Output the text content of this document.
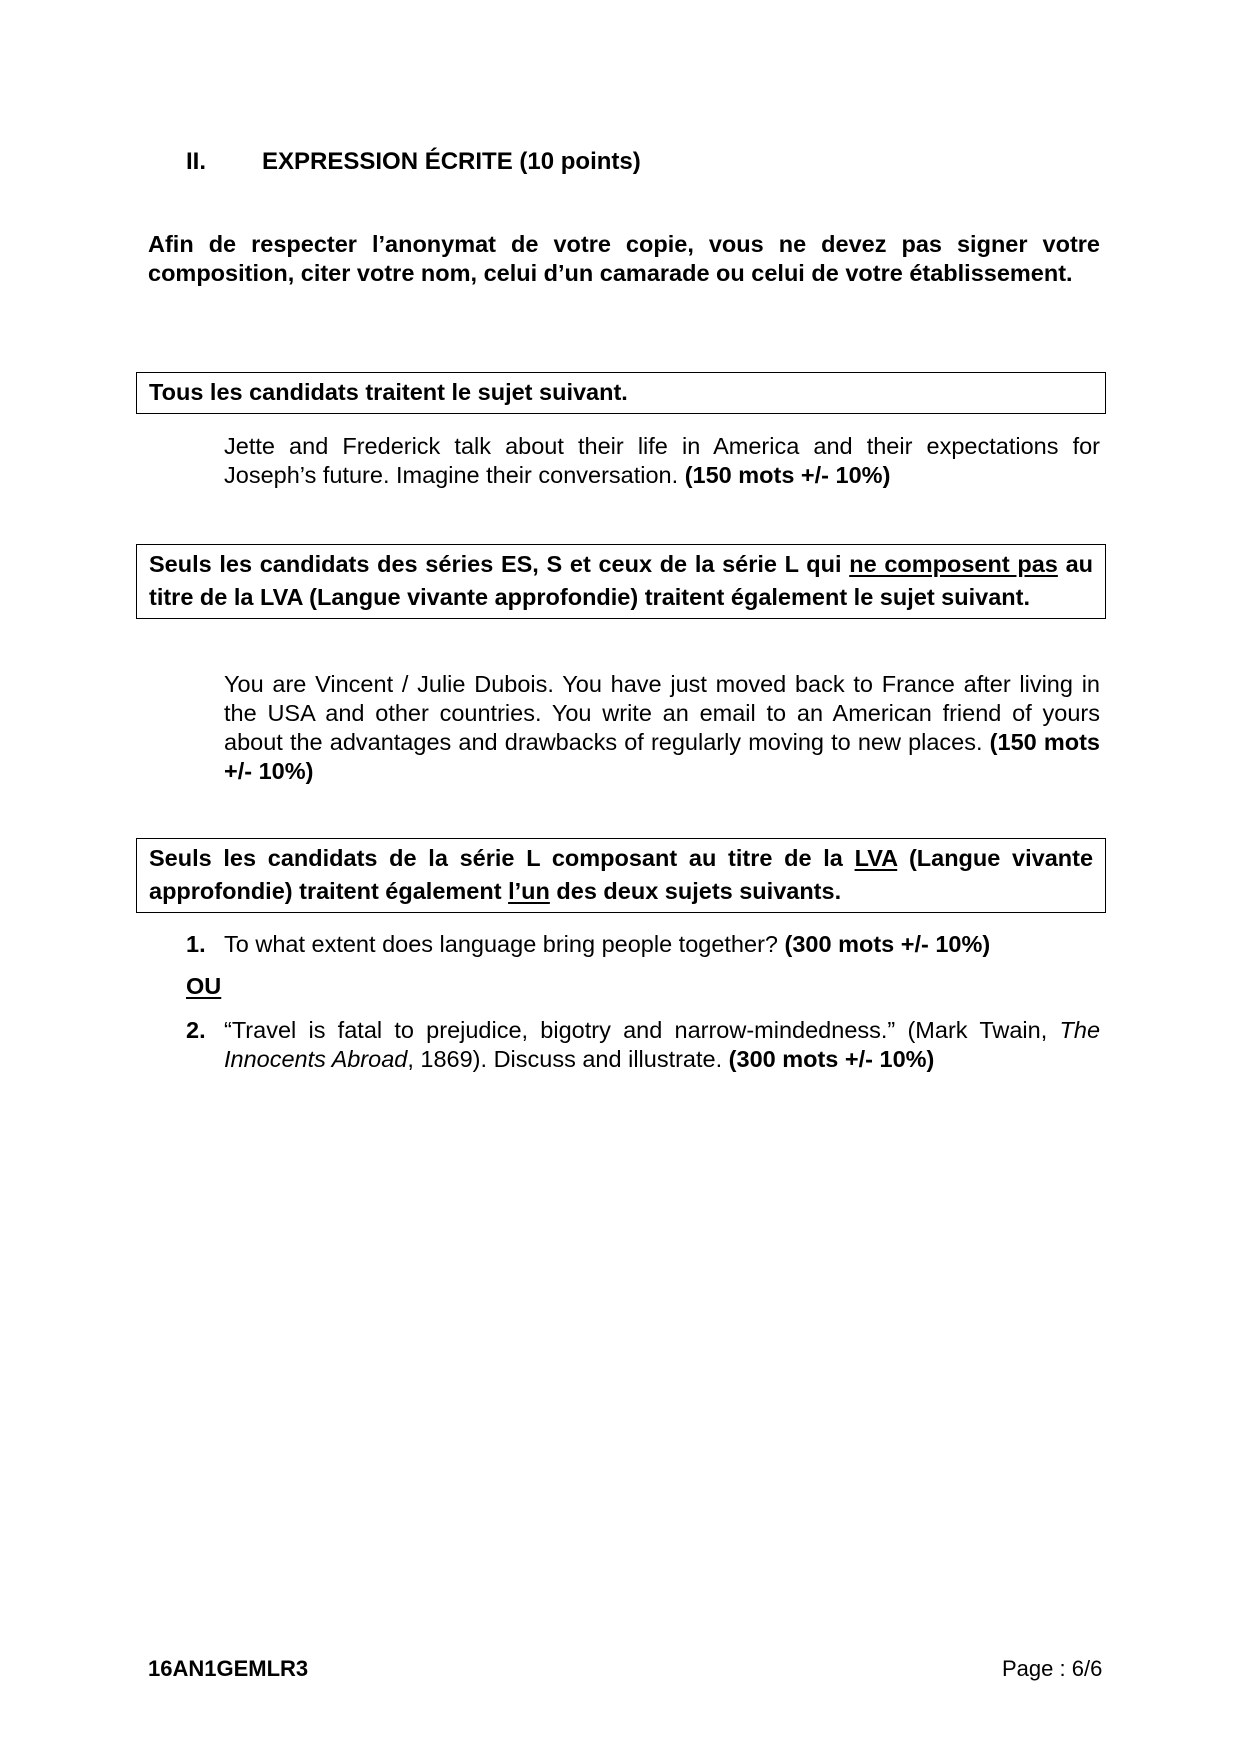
II. EXPRESSION ÉCRITE (10 points)
Afin de respecter l’anonymat de votre copie, vous ne devez pas signer votre composition, citer votre nom, celui d’un camarade ou celui de votre établissement.
Tous les candidats traitent le sujet suivant.
Jette and Frederick talk about their life in America and their expectations for Joseph’s future. Imagine their conversation. (150 mots +/- 10%)
Seuls les candidats des séries ES, S et ceux de la série L qui ne composent pas au titre de la LVA (Langue vivante approfondie) traitent également le sujet suivant.
You are Vincent / Julie Dubois. You have just moved back to France after living in the USA and other countries. You write an email to an American friend of yours about the advantages and drawbacks of regularly moving to new places. (150 mots +/- 10%)
Seuls les candidats de la série L composant au titre de la LVA (Langue vivante approfondie) traitent également l’un des deux sujets suivants.
1. To what extent does language bring people together? (300 mots +/- 10%)
OU
2. “Travel is fatal to prejudice, bigotry and narrow-mindedness.” (Mark Twain, The Innocents Abroad, 1869). Discuss and illustrate. (300 mots +/- 10%)
16AN1GEMLR3	Page : 6/6
